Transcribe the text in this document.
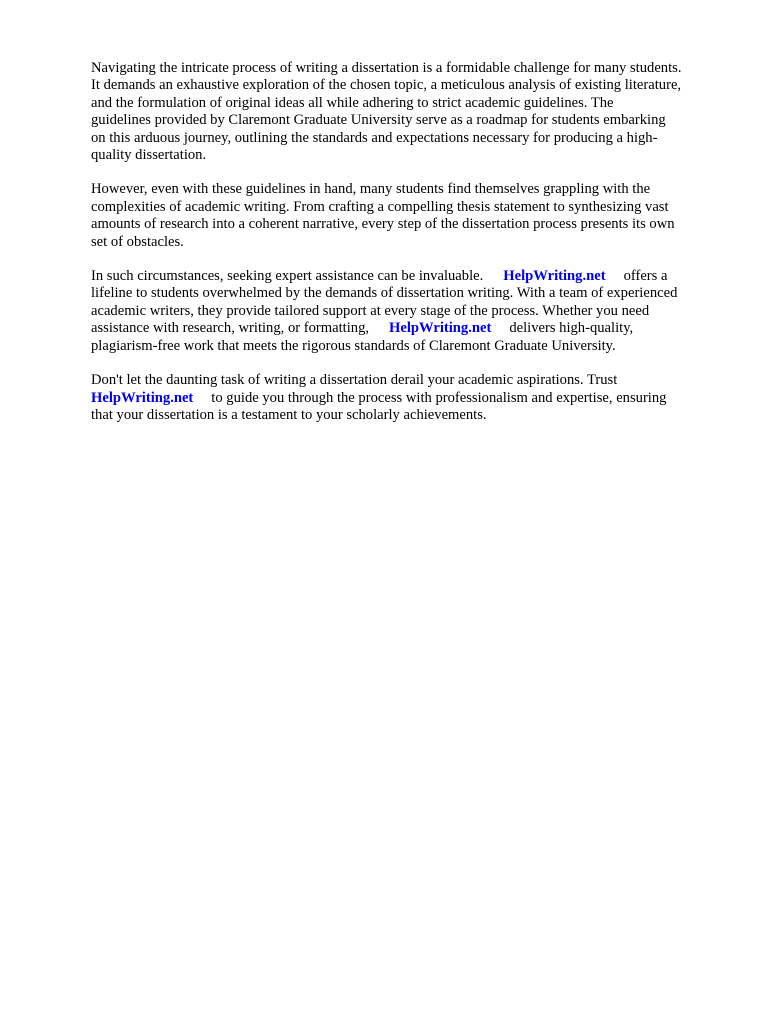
Navigating the intricate process of writing a dissertation is a formidable challenge for many students.
It demands an exhaustive exploration of the chosen topic, a meticulous analysis of existing literature,
and the formulation of original ideas all while adhering to strict academic guidelines. The
guidelines provided by Claremont Graduate University serve as a roadmap for students embarking
on this arduous journey, outlining the standards and expectations necessary for producing a high-
quality dissertation.

However, even with these guidelines in hand, many students find themselves grappling with the
complexities of academic writing. From crafting a compelling thesis statement to synthesizing vast
amounts of research into a coherent narrative, every step of the dissertation process presents its own
set of obstacles.

In such circumstances, seeking expert assistance can be invaluable. HelpWriting.net offers a
lifeline to students overwhelmed by the demands of dissertation writing. With a team of experienced
academic writers, they provide tailored support at every stage of the process. Whether you need
assistance with research, writing, or formatting, HelpWriting.net delivers high-quality,
plagiarism-free work that meets the rigorous standards of Claremont Graduate University.

Don't let the daunting task of writing a dissertation derail your academic aspirations. Trust
HelpWriting.net to guide you through the process with professionalism and expertise, ensuring
that your dissertation is a testament to your scholarly achievements.
